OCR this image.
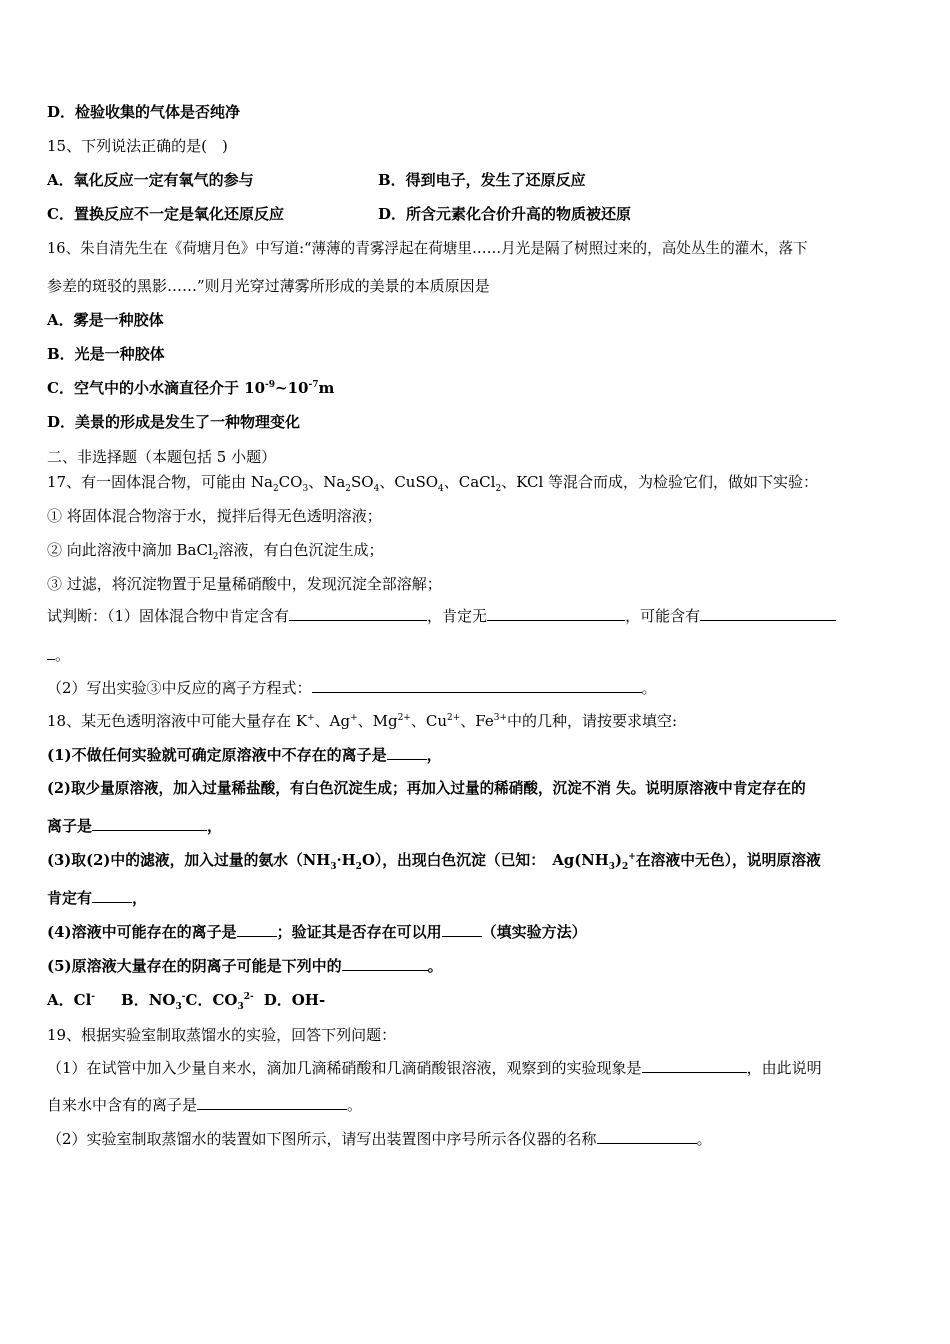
D．检验收集的气体是否纯净
15、下列说法正确的是(　)
A．氧化反应一定有氧气的参与	B．得到电子，发生了还原反应
C．置换反应不一定是氧化还原反应	D．所含元素化合价升高的物质被还原
16、朱自清先生在《荷塘月色》中写道:“薄薄的青雾浮起在荷塘里……月光是隔了树照过来的，高处丛生的灌木，落下
参差的斑驳的黑影……”则月光穿过薄雾所形成的美景的本质原因是
A．雾是一种胶体
B．光是一种胶体
C．空气中的小水滴直径介于 $10^{-9}\sim 10^{-7}m$
D．美景的形成是发生了一种物理变化
二、非选择题（本题包括 5 小题）
17、有一固体混合物，可能由 $Na_2CO_3$、$Na_2SO_4$、CuSO$_4$、CaCl$_2$、KCl 等混合而成，为检验它们，做如下实验：
① 将固体混合物溶于水，搅拌后得无色透明溶液；
② 向此溶液中滴加 BaCl$_2$溶液，有白色沉淀生成；
③ 过滤，将沉淀物置于足量稀硝酸中，发现沉淀全部溶解；
试判断：（1）固体混合物中肯定含有	，肯定无	，可能含有
。
（2）写出实验③中反应的离子方程式：	。
18、某无色透明溶液中可能大量存在 K+、Ag+、$Mg^{2+}$、$Cu^{2+}$、$Fe^{3+}$中的几种，请按要求填空:
(1)不做任何实验就可确定原溶液中不存在的离子是	，
(2)取少量原溶液，加入过量稀盐酸，有白色沉淀生成；再加入过量的稀硝酸，沉淀不消 失。说明原溶液中肯定存在的
离子是	，
(3)取(2)中的滤液，加入过量的氨水$(NH_3\cdot H_2O)$，出现白色沉淀（已知：　$Ag(NH_3)_2^+$在溶液中无色），说明原溶液
肯定有	，
(4)溶液中可能存在的离子是	；验证其是否存在可以用	（填实验方法）
(5)原溶液大量存在的阴离子可能是下列中的	。
A．Cl- B．$NO_3^-C$．$CO_3^{2-}$ D．OH-
19、根据实验室制取蒸馏水的实验，回答下列问题：
（1）在试管中加入少量自来水，滴加几滴稀硝酸和几滴硝酸银溶液，观察到的实验现象是	，由此说明
自来水中含有的离子是	。
（2）实验室制取蒸馏水的装置如下图所示，请写出装置图中序号所示各仪器的名称	。
